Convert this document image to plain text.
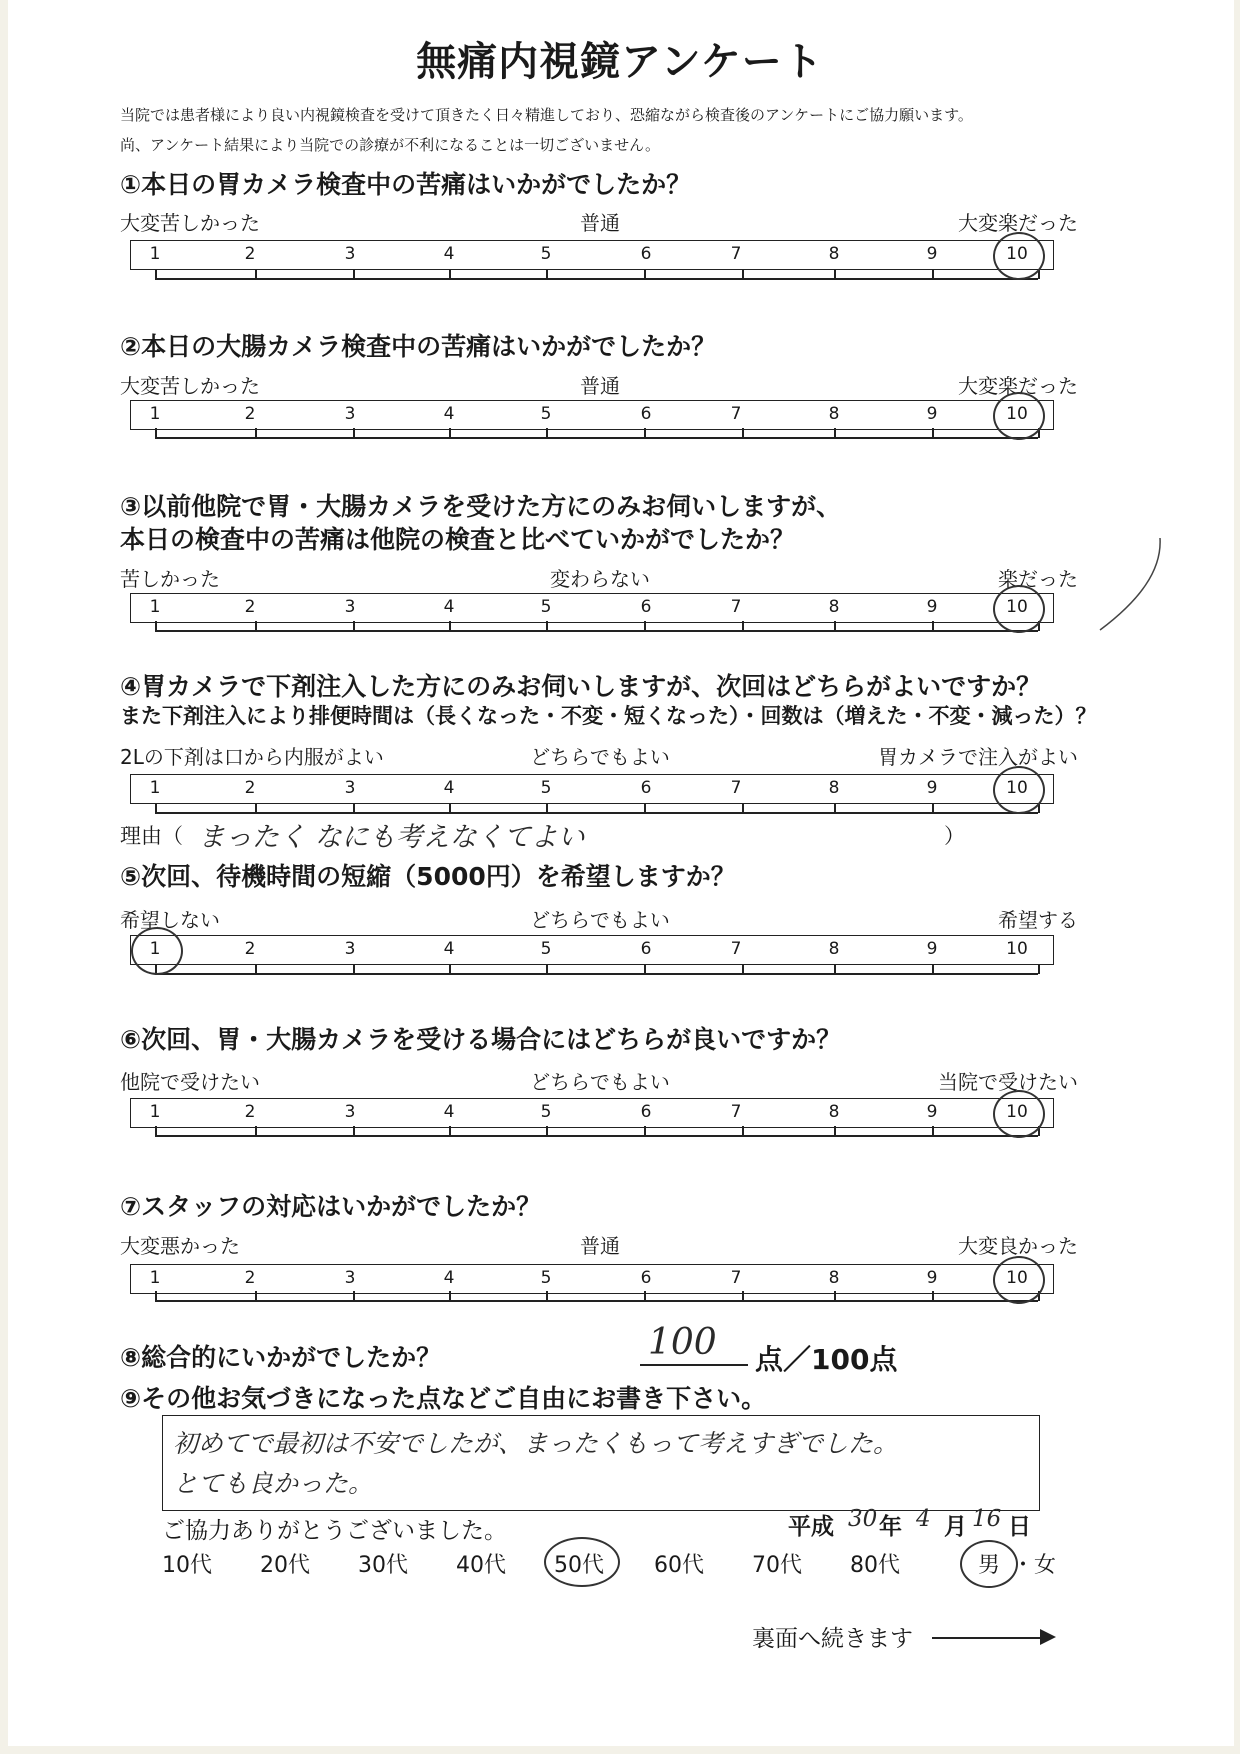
無痛内視鏡アンケート
当院では患者様により良い内視鏡検査を受けて頂きたく日々精進しており、恐縮ながら検査後のアンケートにご協力願います。
尚、アンケート結果により当院での診療が不利になることは一切ございません。
①本日の胃カメラ検査中の苦痛はいかがでしたか？
大変苦しかった	普通	大変楽だった
1	2	3	4	5	6	7	8	9	10
②本日の大腸カメラ検査中の苦痛はいかがでしたか？
大変苦しかった	普通	大変楽だった
1	2	3	4	5	6	7	8	9	10
③以前他院で胃・大腸カメラを受けた方にのみお伺いしますが、
本日の検査中の苦痛は他院の検査と比べていかがでしたか？
苦しかった	変わらない	楽だった
1	2	3	4	5	6	7	8	9	10
④胃カメラで下剤注入した方にのみお伺いしますが、次回はどちらがよいですか？
また下剤注入により排便時間は（長くなった・不変・短くなった）・回数は（増えた・不変・減った）？
2Lの下剤は口から内服がよい	どちらでもよい	胃カメラで注入がよい
1	2	3	4	5	6	7	8	9	10
⑤次回、待機時間の短縮（5000円）を希望しますか？
希望しない	どちらでもよい	希望する
1	2	3	4	5	6	7	8	9	10
⑥次回、胃・大腸カメラを受ける場合にはどちらが良いですか？
他院で受けたい	どちらでもよい	当院で受けたい
1	2	3	4	5	6	7	8	9	10
⑦スタッフの対応はいかがでしたか？
大変悪かった	普通	大変良かった
1	2	3	4	5	6	7	8	9	10
理由（ まったく なにも考えなくてよい	）
⑧総合的にいかがでしたか？	100 点／100点
⑨その他お気づきになった点などご自由にお書き下さい。
初めてで最初は不安でしたが、まったくもって考えすぎでした。
とても良かった。
ご協力ありがとうございました。	平成 30 年 4 月 16 日
10代 20代 30代 40代 50代 60代 70代 80代	男 ・ 女
裏面へ続きます
